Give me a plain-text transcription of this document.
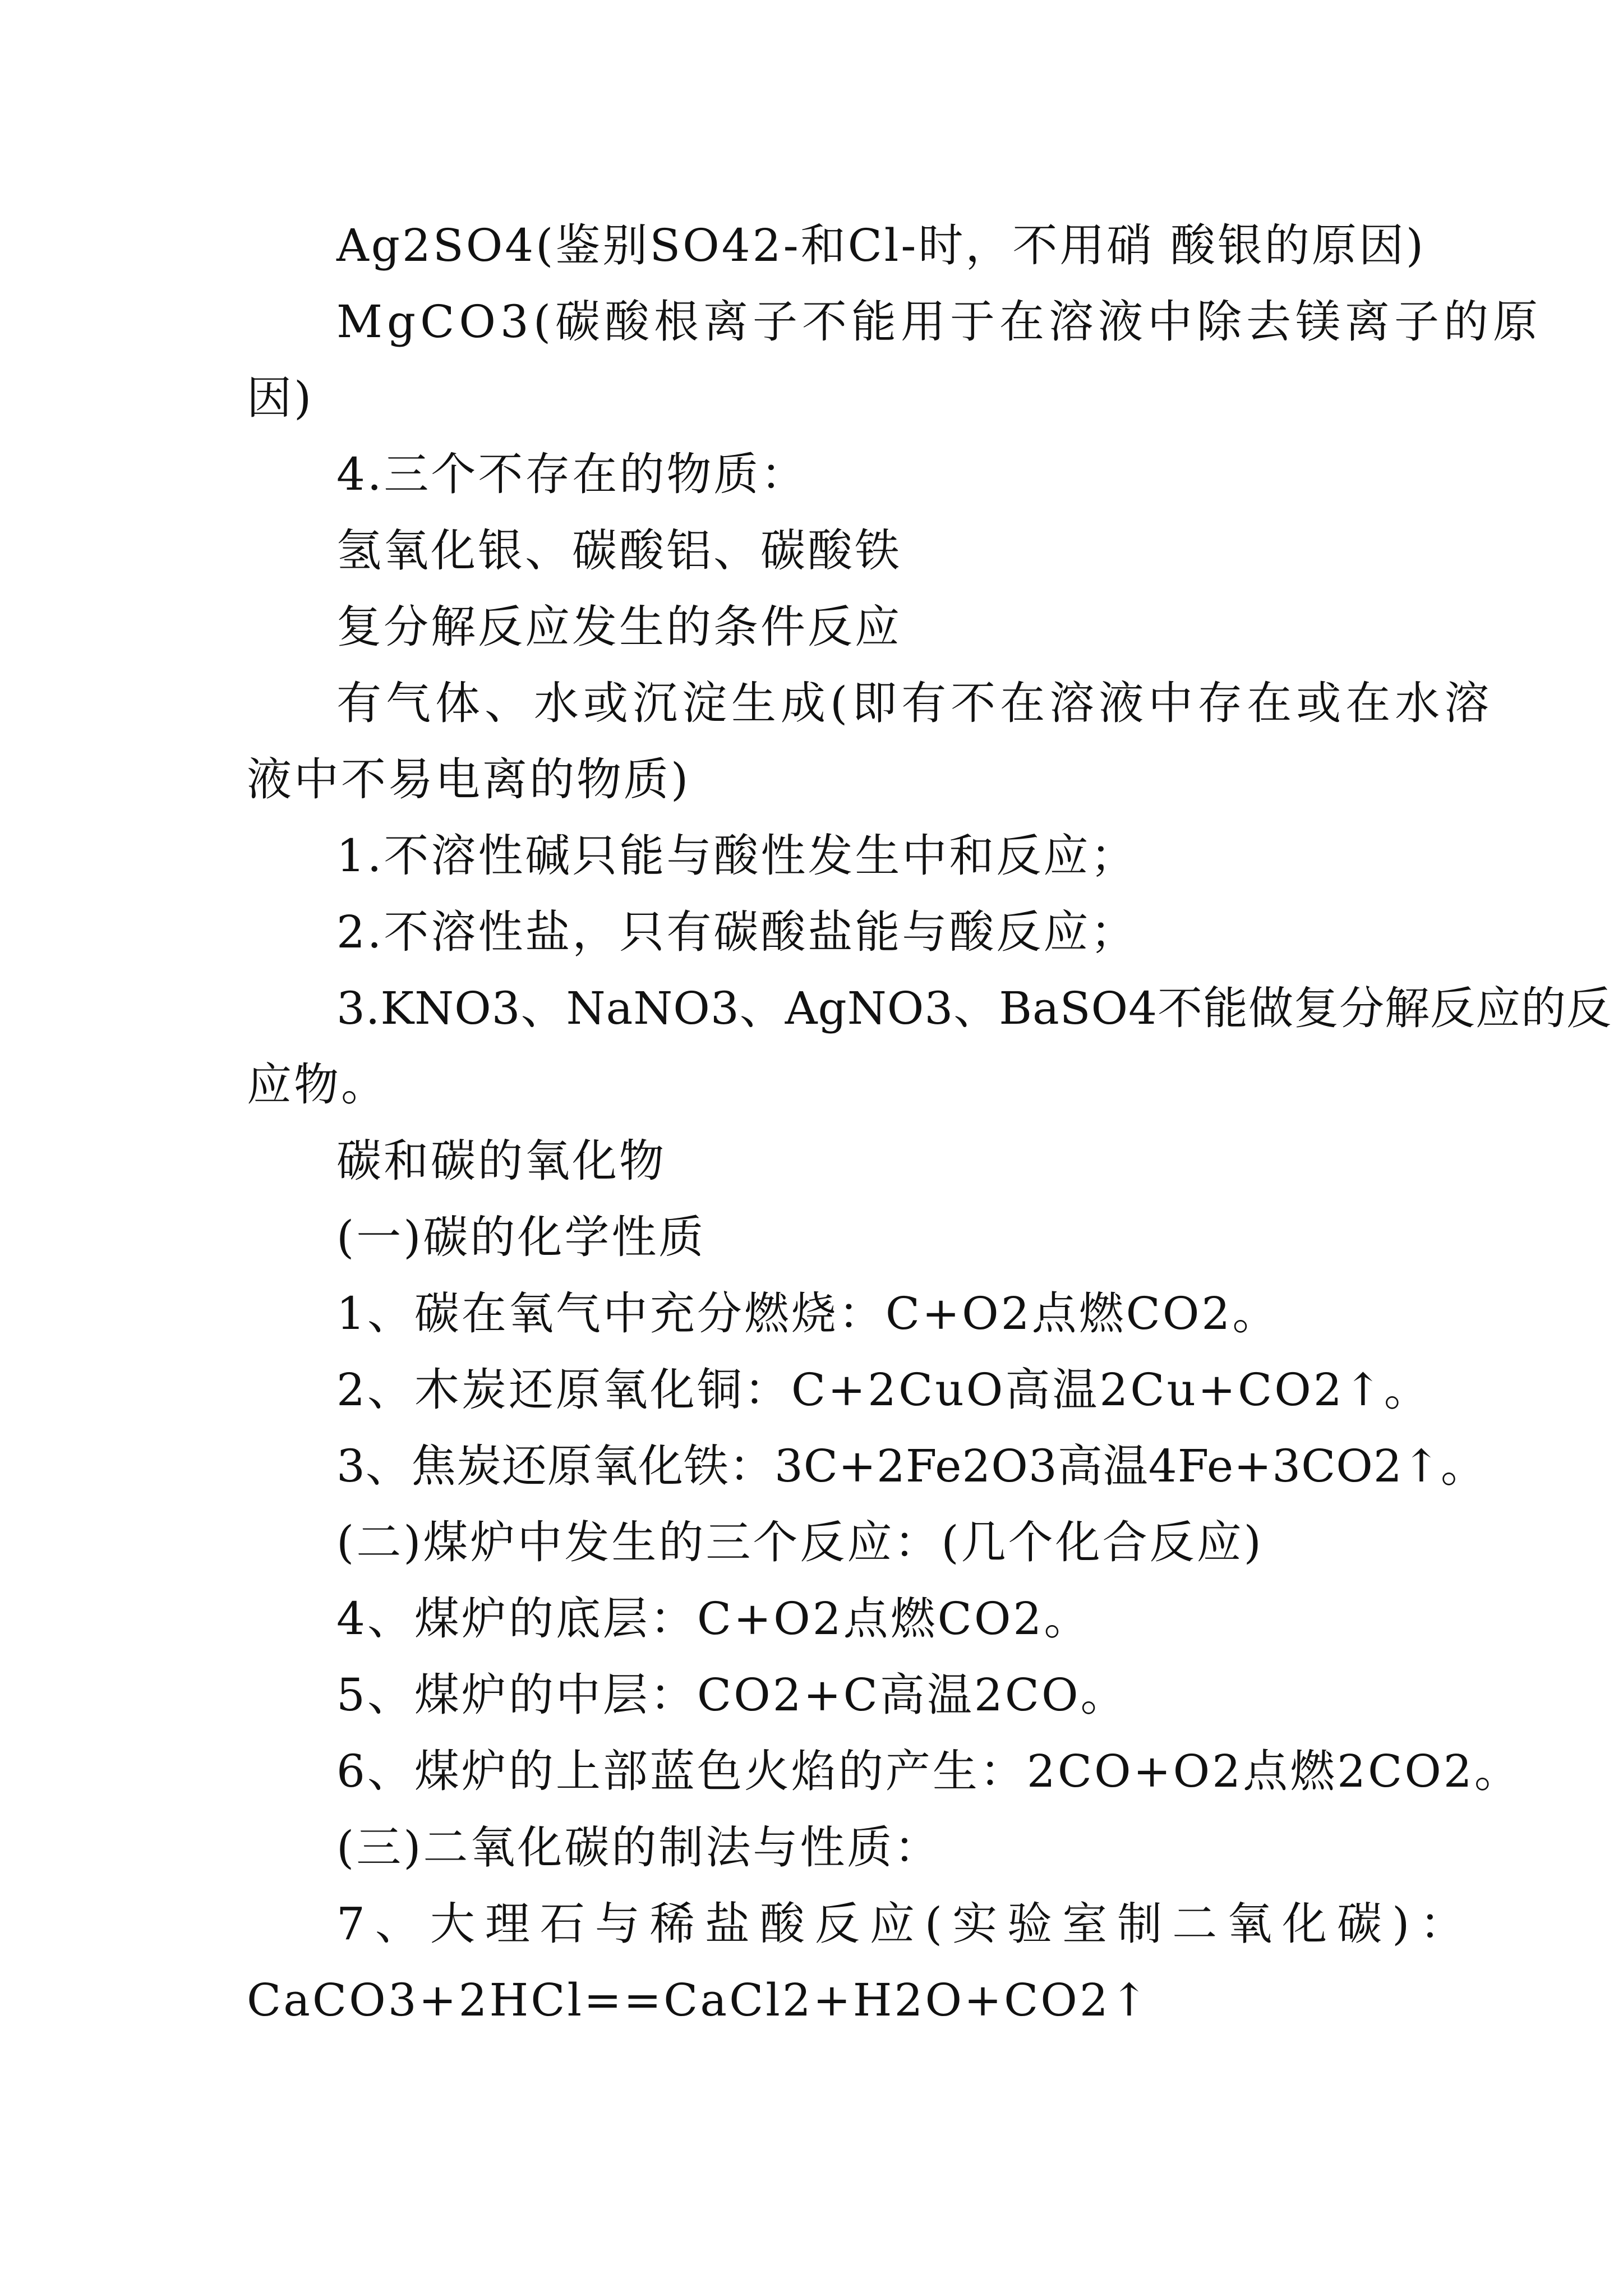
Ag2SO4(鉴别SO42-和Cl-时，不用硝 酸银的原因)
MgCO3(碳酸根离子不能用于在溶液中除去镁离子的原
因)
4.三个不存在的物质：
氢氧化银、碳酸铝、碳酸铁
复分解反应发生的条件反应
有气体、水或沉淀生成(即有不在溶液中存在或在水溶
液中不易电离的物质)
1.不溶性碱只能与酸性发生中和反应；
2.不溶性盐，只有碳酸盐能与酸反应；
3.KNO3、NaNO3、AgNO3、BaSO4不能做复分解反应的反
应物。
碳和碳的氧化物
(一)碳的化学性质
1、碳在氧气中充分燃烧：C+O2点燃CO2。
2、木炭还原氧化铜：C+2CuO高温2Cu+CO2↑。
3、焦炭还原氧化铁：3C+2Fe2O3高温4Fe+3CO2↑。
(二)煤炉中发生的三个反应：(几个化合反应)
4、煤炉的底层：C+O2点燃CO2。
5、煤炉的中层：CO2+C高温2CO。
6、煤炉的上部蓝色火焰的产生：2CO+O2点燃2CO2。
(三)二氧化碳的制法与性质：
7、大理石与稀盐酸反应(实验室制二氧化碳)：
CaCO3+2HCl==CaCl2+H2O+CO2↑
